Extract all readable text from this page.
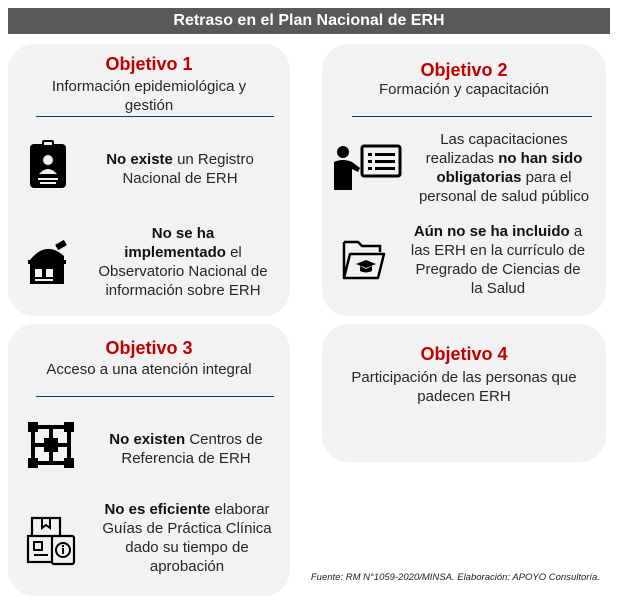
Retraso en el Plan Nacional de ERH
Objetivo 1
Información epidemiológica y
gestión
No existe un Registro
Nacional de ERH
No se ha
implementado el
Observatorio Nacional de
información sobre ERH
Objetivo 2
Formación y capacitación
Las capacitaciones
realizadas no han sido
obligatorias para el
personal de salud público
Aún no se ha incluido a
las ERH en la currículo de
Pregrado de Ciencias de
la Salud
Objetivo 3
Acceso a una atención integral
No existen Centros de
Referencia de ERH
No es eficiente elaborar
Guías de Práctica Clínica
dado su tiempo de
aprobación
Objetivo 4
Participación de las personas que
padecen ERH
Fuente: RM N°1059-2020/MINSA. Elaboración: APOYO Consultoría.
